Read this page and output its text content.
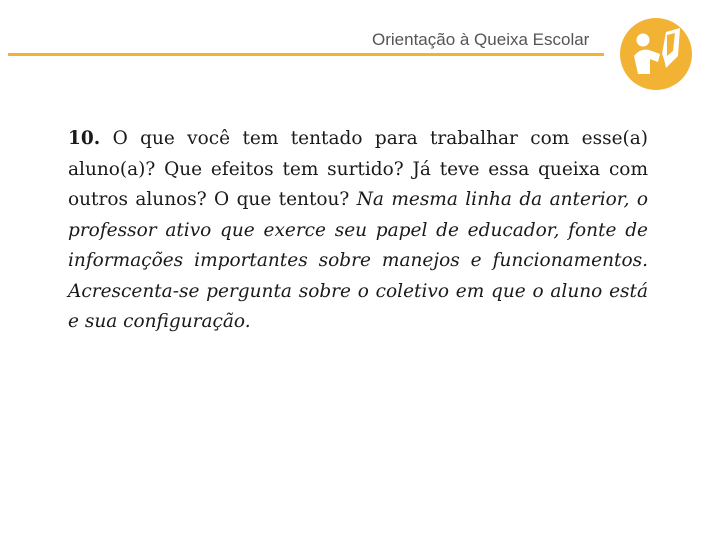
Orientação à Queixa Escolar

10. O que você tem tentado para trabalhar com esse(a) aluno(a)? Que efeitos tem surtido? Já teve essa queixa com outros alunos? O que tentou? Na mesma linha da anterior, o professor ativo que exerce seu papel de educador, fonte de informações importantes sobre manejos e funcionamentos. Acrescenta-se pergunta sobre o coletivo em que o aluno está e sua configuração.
